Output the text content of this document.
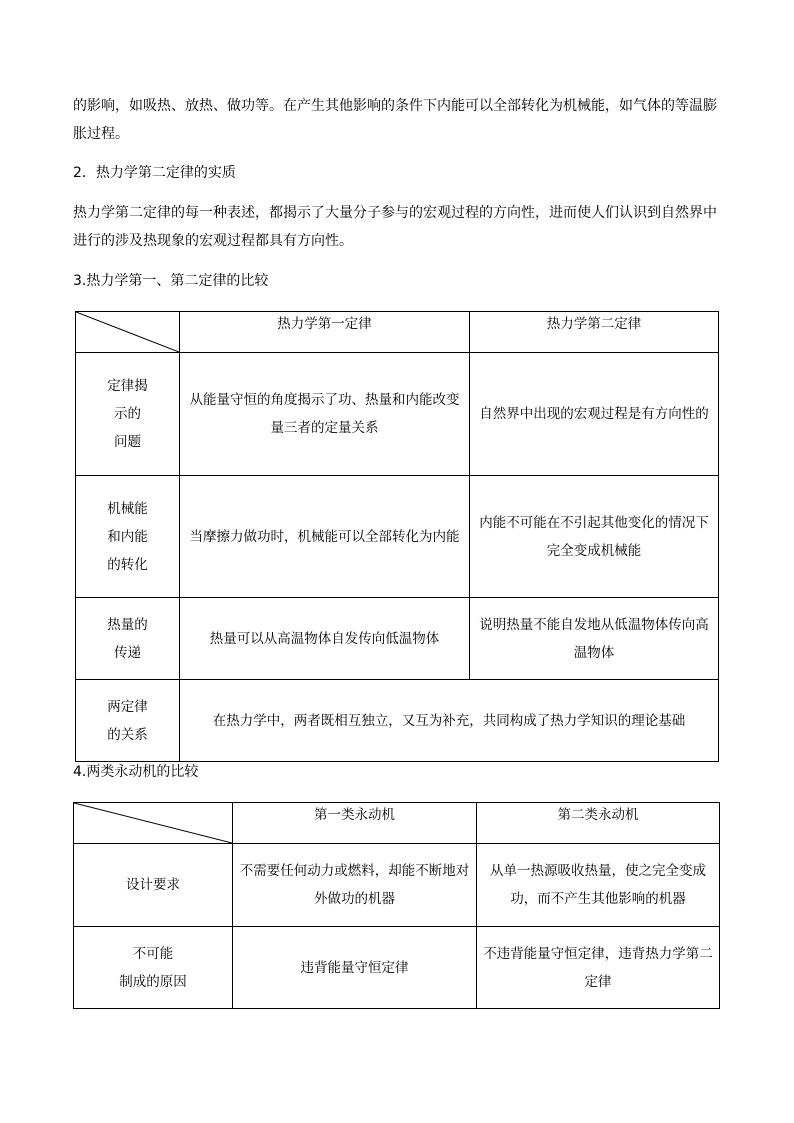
的影响，如吸热、放热、做功等。在产生其他影响的条件下内能可以全部转化为机械能，如气体的等温膨胀过程。

2．热力学第二定律的实质

热力学第二定律的每一种表述，都揭示了大量分子参与的宏观过程的方向性，进而使人们认识到自然界中进行的涉及热现象的宏观过程都具有方向性。

3.热力学第一、第二定律的比较

	热力学第一定律	热力学第二定律

定律揭
示的
问题	从能量守恒的角度揭示了功、热量和内能改变量三者的定量关系	自然界中出现的宏观过程是有方向性的

机械能
和内能
的转化	当摩擦力做功时，机械能可以全部转化为内能	内能不可能在不引起其他变化的情况下完全变成机械能

热量的
传递	热量可以从高温物体自发传向低温物体	说明热量不能自发地从低温物体传向高温物体

两定律
的关系	在热力学中，两者既相互独立，又互为补充，共同构成了热力学知识的理论基础	

4.两类永动机的比较

	第一类永动机	第二类永动机

设计要求	不需要任何动力或燃料，却能不断地对外做功的机器	从单一热源吸收热量，使之完全变成功，而不产生其他影响的机器

不可能
制成的原因	违背能量守恒定律	不违背能量守恒定律，违背热力学第二定律
